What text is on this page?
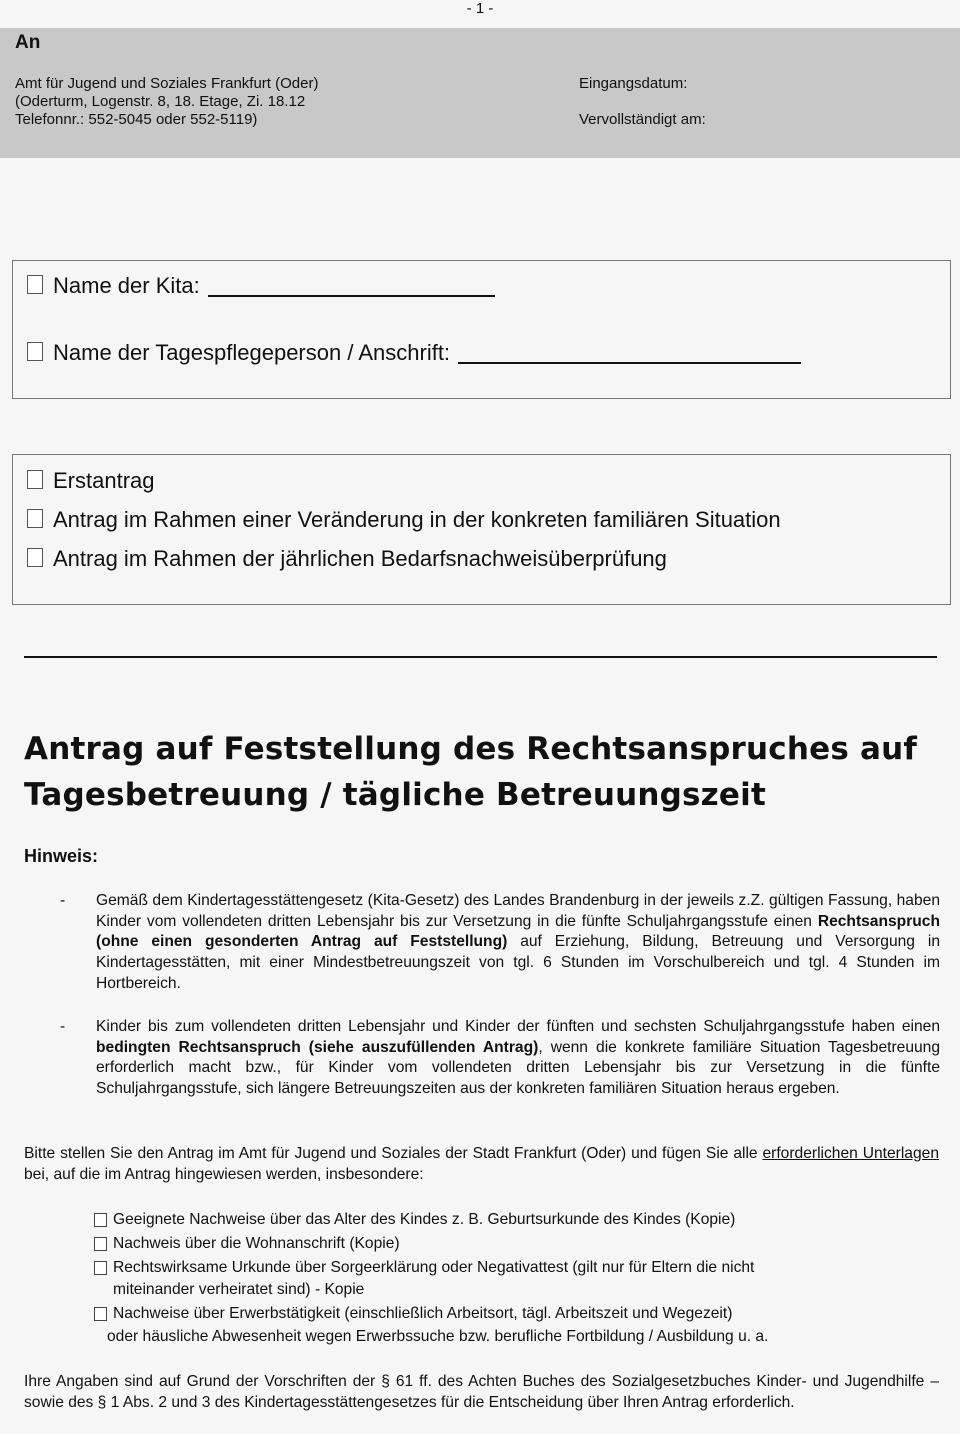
- 1 -
An
Amt für Jugend und Soziales Frankfurt (Oder)
(Oderturm, Logenstr. 8, 18. Etage, Zi. 18.12
Telefonnr.: 552-5045 oder 552-5119)
Eingangsdatum:
Vervollständigt am:
Name der Kita:
Name der Tagespflegeperson / Anschrift:
Erstantrag
Antrag im Rahmen einer Veränderung in der konkreten familiären Situation
Antrag im Rahmen der jährlichen Bedarfsnachweisüberprüfung
Antrag auf Feststellung des Rechtsanspruches auf
Tagesbetreuung / tägliche Betreuungszeit
Hinweis:
- Gemäß dem Kindertagesstättengesetz (Kita-Gesetz) des Landes Brandenburg in der jeweils z.Z. gültigen Fassung, haben Kinder vom vollendeten dritten Lebensjahr bis zur Versetzung in die fünfte Schuljahrgangsstufe einen Rechtsanspruch (ohne einen gesonderten Antrag auf Feststellung) auf Erziehung, Bildung, Betreuung und Versorgung in Kindertagesstätten, mit einer Mindestbetreuungszeit von tgl. 6 Stunden im Vorschulbereich und tgl. 4 Stunden im Hortbereich.
- Kinder bis zum vollendeten dritten Lebensjahr und Kinder der fünften und sechsten Schuljahrgangsstufe haben einen bedingten Rechtsanspruch (siehe auszufüllenden Antrag), wenn die konkrete familiäre Situation Tagesbetreuung erforderlich macht bzw., für Kinder vom vollendeten dritten Lebensjahr bis zur Versetzung in die fünfte Schuljahrgangsstufe, sich längere Betreuungszeiten aus der konkreten familiären Situation heraus ergeben.
Bitte stellen Sie den Antrag im Amt für Jugend und Soziales der Stadt Frankfurt (Oder) und fügen Sie alle erforderlichen Unterlagen bei, auf die im Antrag hingewiesen werden, insbesondere:
Geeignete Nachweise über das Alter des Kindes z. B. Geburtsurkunde des Kindes (Kopie)
Nachweis über die Wohnanschrift (Kopie)
Rechtswirksame Urkunde über Sorgeerklärung oder Negativattest (gilt nur für Eltern die nicht
miteinander verheiratet sind) - Kopie
Nachweise über Erwerbstätigkeit (einschließlich Arbeitsort, tägl. Arbeitszeit und Wegezeit)
oder häusliche Abwesenheit wegen Erwerbssuche bzw. berufliche Fortbildung / Ausbildung u. a.
Ihre Angaben sind auf Grund der Vorschriften der § 61 ff. des Achten Buches des Sozialgesetzbuches Kinder- und Jugendhilfe – sowie des § 1 Abs. 2 und 3 des Kindertagesstättengesetzes für die Entscheidung über Ihren Antrag erforderlich.
